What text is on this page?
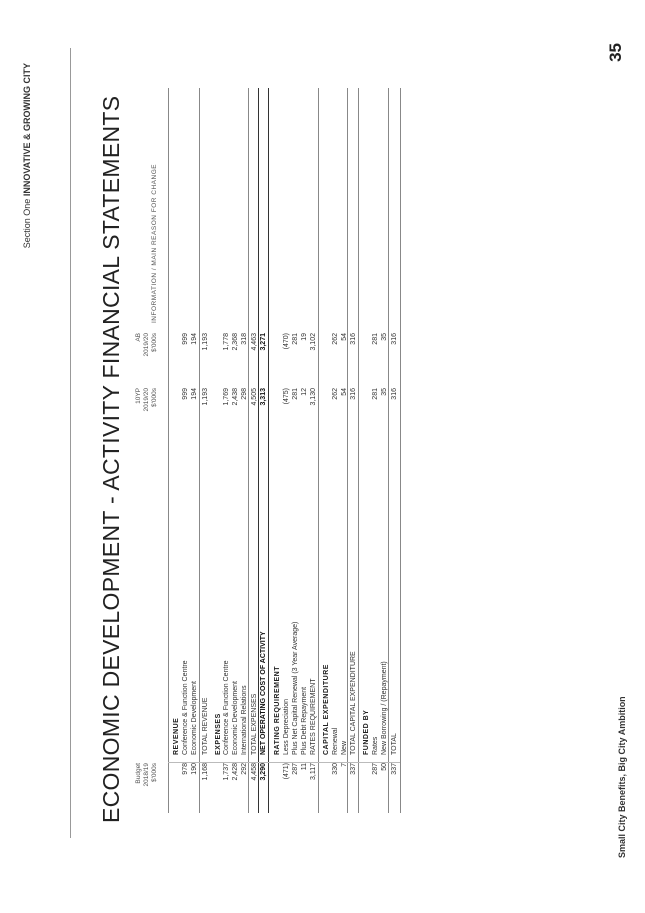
Section One INNOVATIVE & GROWING CITY	ECONOMIC DEVELOPMENT - ACTIVITY FINANCIAL STATEMENTS Budget 2018/19 $'000s
10YP 2019/20 $'000s
AB 2019/20 $'000s
INFORMATION / MAIN REASON FOR CHANGE
REVENUE
978
Conference & Function Centre
999
999
190
Economic Development
194
194
1,168
TOTAL REVENUE
1,193
1,193
EXPENSES
1,737
Conference & Function Centre
1,769
1,778
2,428
Economic Development
2,438
2,368
292
International Relations
298
318
4,458
TOTAL EXPENSES
4,505
4,463
3,290
NET OPERATING COST OF ACTIVITY
3,313
3,271
RATING REQUIREMENT
(471)
Less Depreciation
(475)
(470)
287
Plus Net Capital Renewal (3 Year Average)
281
281
11
Plus Debt Repayment
12
19
3,117
RATES REQUIREMENT
3,130
3,102
CAPITAL EXPENDITURE
330
Renewal
262
262
7
New
54
54
337
TOTAL CAPITAL EXPENDITURE
316
316
FUNDED BY
287
Rates
281
281
50
New Borrowing / (Repayment)
35
35
337
TOTAL
316
316
Small City Benefits, Big City Ambition
35
